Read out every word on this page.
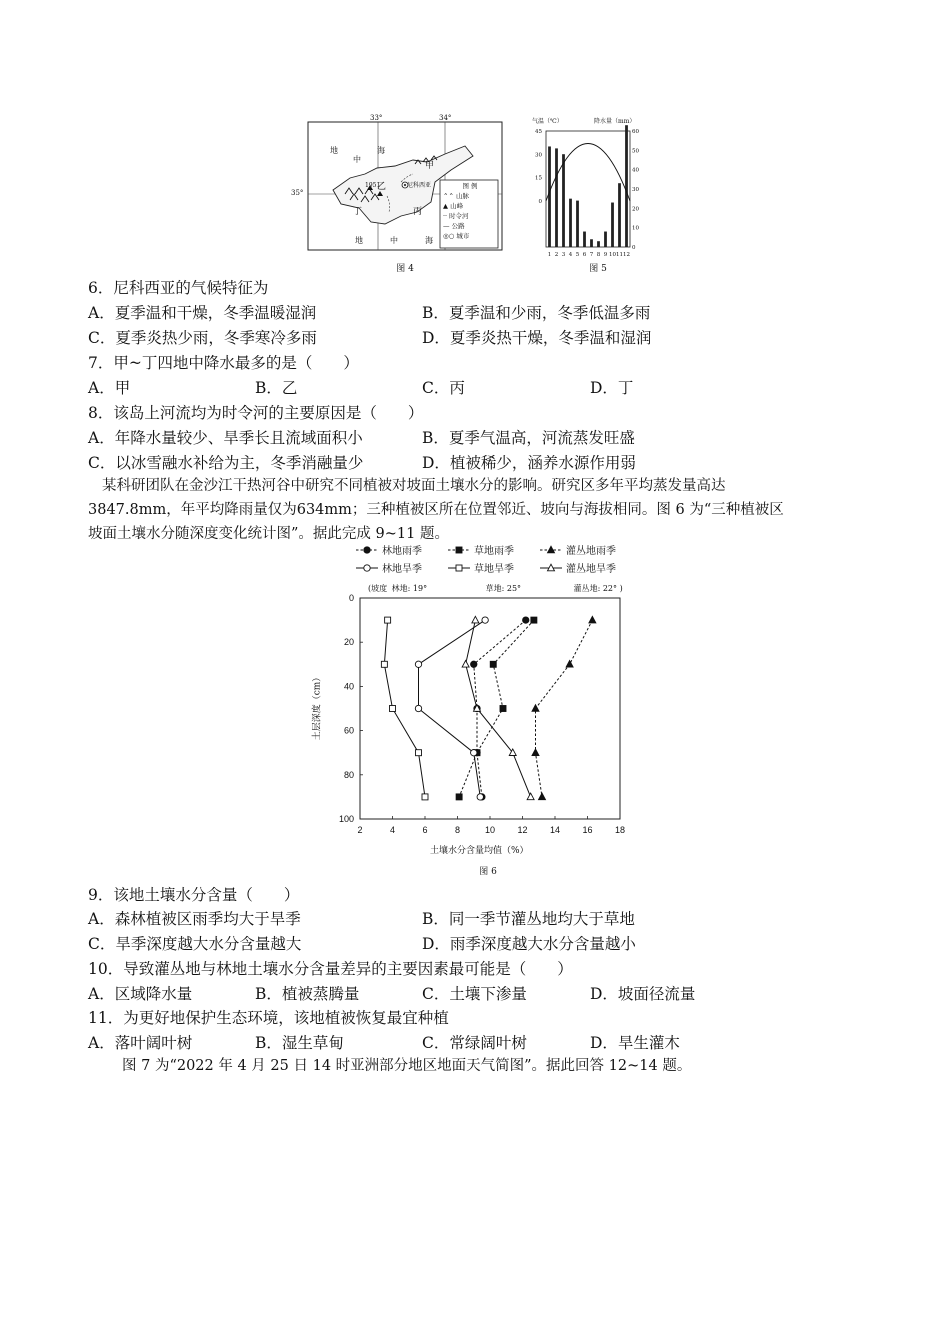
33°	34°
35°
地
中
海
地	中	海
甲
乙
丙
丁
尼科西亚
1951	图 例
⌃⌃ 山脉
▲ 山峰
┈ 时令河
— 公路
◎○ 城市
图 4
气温（℃）	降水量（mm）
1 2 3 4 5 6 7 8 9 10 11 12
45
30
15
0
60
50
40
30
20
10
0
图 5
6．尼科西亚的气候特征为
A．夏季温和干燥，冬季温暖湿润	B．夏季温和少雨，冬季低温多雨
C．夏季炎热少雨，冬季寒冷多雨	D．夏季炎热干燥，冬季温和湿润
7．甲~丁四地中降水最多的是（　　）
A．甲	B．乙	C．丙	D．丁
8．该岛上河流均为时令河的主要原因是（　　）
A．年降水量较少、旱季长且流域面积小	B．夏季气温高，河流蒸发旺盛
C．以冰雪融水补给为主，冬季消融量少	D．植被稀少，涵养水源作用弱
某科研团队在金沙江干热河谷中研究不同植被对坡面土壤水分的影响。研究区多年平均蒸发量高达
3847.8mm，年平均降雨量仅为634mm；三种植被区所在位置邻近、坡向与海拔相同。图 6 为“三种植被区
坡面土壤水分随深度变化统计图”。据此完成 9~11 题。
林地雨季	草地雨季	灌丛地雨季
林地旱季	草地旱季	灌丛地旱季
2	4	6	8	10 12 14 16 18
0
20
40
60
80
100
(坡度 林地: 19°	草地: 25°	灌丛地: 22° )
土壤水分含量均值（%）
土层深度（cm）
图 6
9．该地土壤水分含量（　　）
A．森林植被区雨季均大于旱季	B．同一季节灌丛地均大于草地
C．旱季深度越大水分含量越大	D．雨季深度越大水分含量越小
10．导致灌丛地与林地土壤水分含量差异的主要因素最可能是（　　）
A．区域降水量	B．植被蒸腾量	C．土壤下渗量	D．坡面径流量
11．为更好地保护生态环境，该地植被恢复最宜种植
A．落叶阔叶树	B．湿生草甸	C．常绿阔叶树	D．旱生灌木
图 7 为“2022 年 4 月 25 日 14 时亚洲部分地区地面天气简图”。据此回答 12~14 题。
